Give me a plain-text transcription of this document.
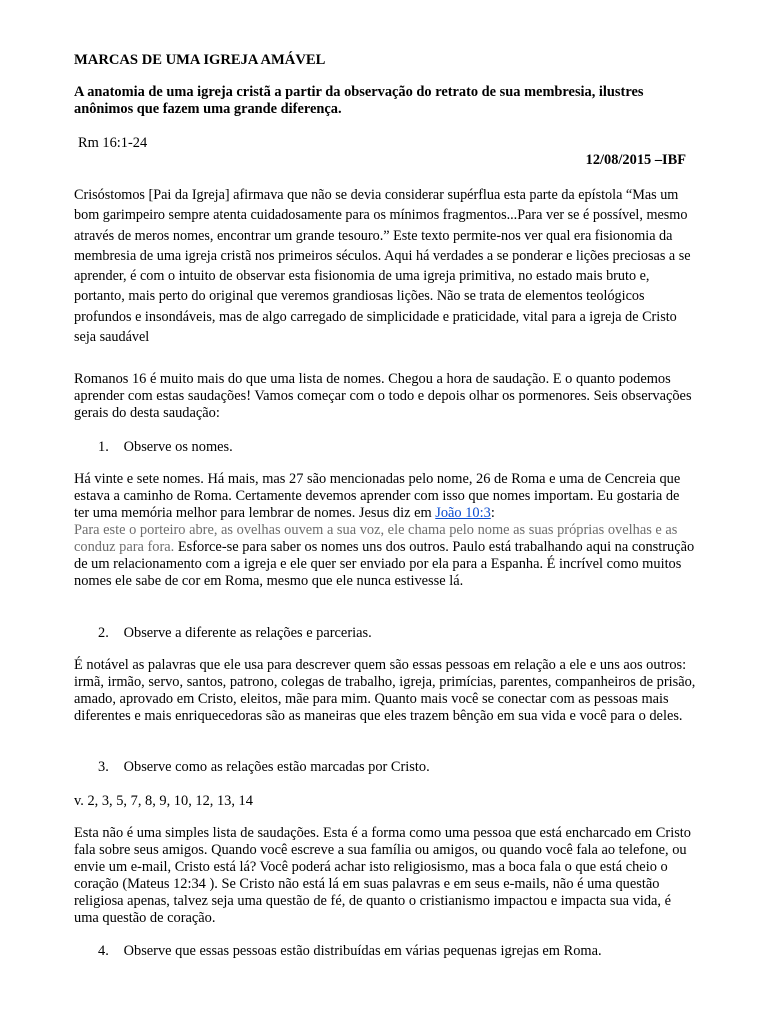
MARCAS DE UMA IGREJA AMÁVEL

A anatomia de uma igreja cristã a partir da observação do retrato de sua membresia, ilustres anônimos que fazem uma grande diferença.

Rm 16:1-24

12/08/2015 –IBF

Crisóstomos [Pai da Igreja] afirmava que não se devia considerar supérflua esta parte da epístola “Mas um bom garimpeiro sempre atenta cuidadosamente para os mínimos fragmentos...Para ver se é possível, mesmo através de meros nomes, encontrar um grande tesouro.” Este texto permite-nos ver qual era fisionomia da membresia de uma igreja cristã nos primeiros séculos. Aqui há verdades a se ponderar e lições preciosas a se aprender, é com o intuito de observar esta fisionomia de uma igreja primitiva, no estado mais bruto e, portanto, mais perto do original que veremos grandiosas lições. Não se trata de elementos teológicos profundos e insondáveis, mas de algo carregado de simplicidade e praticidade, vital para a igreja de Cristo seja saudável

Romanos 16 é muito mais do que uma lista de nomes. Chegou a hora de saudação. E o quanto podemos aprender com estas saudações! Vamos começar com o todo e depois olhar os pormenores. Seis observações gerais do desta saudação:

1. Observe os nomes.

Há vinte e sete nomes. Há mais, mas 27 são mencionadas pelo nome, 26 de Roma e uma de Cencreia que estava a caminho de Roma. Certamente devemos aprender com isso que nomes importam. Eu gostaria de ter uma memória melhor para lembrar de nomes. Jesus diz em João 10:3:
Para este o porteiro abre, as ovelhas ouvem a sua voz, ele chama pelo nome as suas próprias ovelhas e as conduz para fora. Esforce-se para saber os nomes uns dos outros. Paulo está trabalhando aqui na construção de um relacionamento com a igreja e ele quer ser enviado por ela para a Espanha. É incrível como muitos nomes ele sabe de cor em Roma, mesmo que ele nunca estivesse lá.

2. Observe a diferente as relações e parcerias.

É notável as palavras que ele usa para descrever quem são essas pessoas em relação a ele e uns aos outros: irmã, irmão, servo, santos, patrono, colegas de trabalho, igreja, primícias, parentes, companheiros de prisão, amado, aprovado em Cristo, eleitos, mãe para mim. Quanto mais você se conectar com as pessoas mais diferentes e mais enriquecedoras são as maneiras que eles trazem bênção em sua vida e você para o deles.

3. Observe como as relações estão marcadas por Cristo.

v. 2, 3, 5, 7, 8, 9, 10, 12, 13, 14

Esta não é uma simples lista de saudações. Esta é a forma como uma pessoa que está encharcado em Cristo fala sobre seus amigos. Quando você escreve a sua família ou amigos, ou quando você fala ao telefone, ou envie um e-mail, Cristo está lá? Você poderá achar isto religiosismo, mas a boca fala o que está cheio o coração (Mateus 12:34 ). Se Cristo não está lá em suas palavras e em seus e-mails, não é uma questão religiosa apenas, talvez seja uma questão de fé, de quanto o cristianismo impactou e impacta sua vida, é uma questão de coração.

4. Observe que essas pessoas estão distribuídas em várias pequenas igrejas em Roma.
